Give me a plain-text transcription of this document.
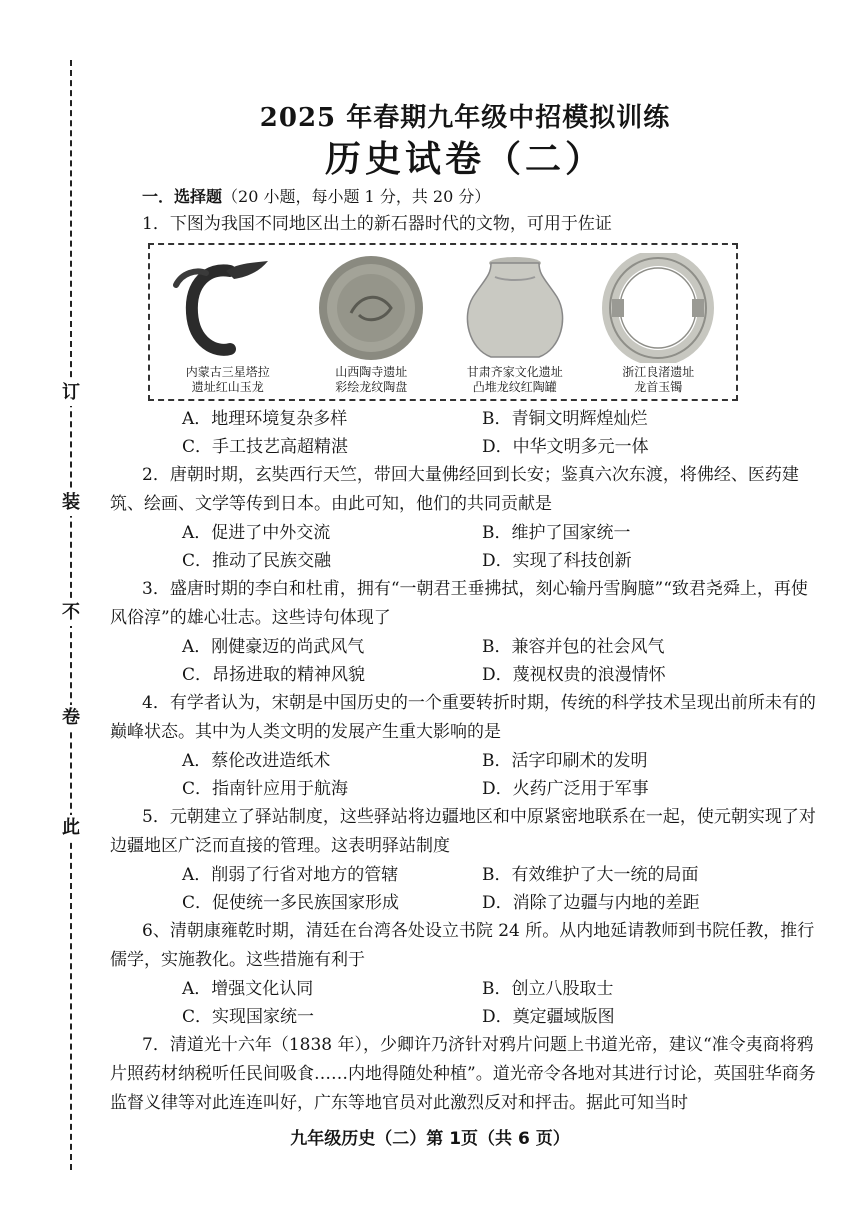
订
装
不
卷
此
2025 年春期九年级中招模拟训练
历史试卷（二）
一．选择题（20 小题，每小题 1 分，共 20 分）

1．下图为我国不同地区出土的新石器时代的文物，可用于佐证

内蒙古三星塔拉
遗址红山玉龙
山西陶寺遗址
彩绘龙纹陶盘
甘肃齐家文化遗址
凸堆龙纹红陶罐
浙江良渚遗址
龙首玉镯
A．地理环境复杂多样	B．青铜文明辉煌灿烂
C．手工技艺高超精湛	D．中华文明多元一体

2．唐朝时期，玄奘西行天竺，带回大量佛经回到长安；鉴真六次东渡，将佛经、医药建筑、绘画、文学等传到日本。由此可知，他们的共同贡献是

A．促进了中外交流	B．维护了国家统一
C．推动了民族交融	D．实现了科技创新

3．盛唐时期的李白和杜甫，拥有“一朝君王垂拂拭，刻心输丹雪胸臆”“致君尧舜上，再使风俗淳”的雄心壮志。这些诗句体现了

A．刚健豪迈的尚武风气	B．兼容并包的社会风气
C．昂扬进取的精神风貌	D．蔑视权贵的浪漫情怀

4．有学者认为，宋朝是中国历史的一个重要转折时期，传统的科学技术呈现出前所未有的巅峰状态。其中为人类文明的发展产生重大影响的是

A．蔡伦改进造纸术	B．活字印刷术的发明
C．指南针应用于航海	D．火药广泛用于军事

5．元朝建立了驿站制度，这些驿站将边疆地区和中原紧密地联系在一起，使元朝实现了对边疆地区广泛而直接的管理。这表明驿站制度

A．削弱了行省对地方的管辖	B．有效维护了大一统的局面
C．促使统一多民族国家形成	D．消除了边疆与内地的差距

6、清朝康雍乾时期，清廷在台湾各处设立书院 24 所。从内地延请教师到书院任教，推行儒学，实施教化。这些措施有利于

A．增强文化认同	B．创立八股取士
C．实现国家统一	D．奠定疆域版图

7．清道光十六年（1838 年），少卿许乃济针对鸦片问题上书道光帝，建议“准令夷商将鸦片照药材纳税听任民间吸食……内地得随处种植”。道光帝令各地对其进行讨论，英国驻华商务监督义律等对此连连叫好，广东等地官员对此激烈反对和抨击。据此可知当时

九年级历史（二）第 1页（共 6 页）
